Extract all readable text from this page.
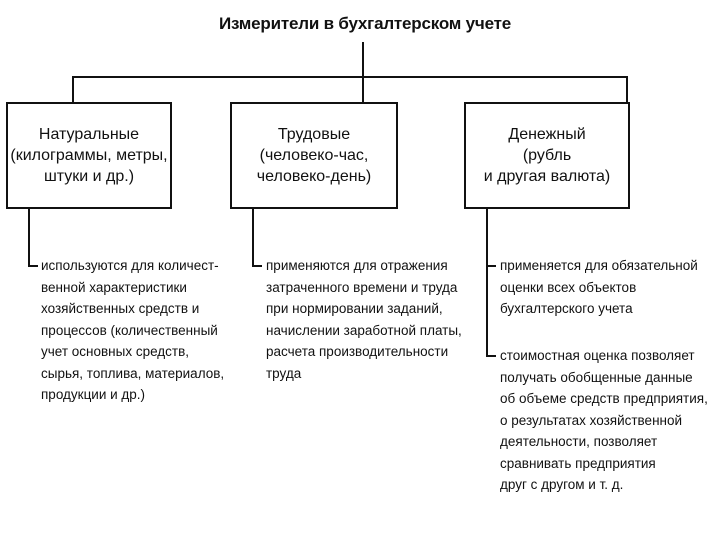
Измерители в бухгалтерском учете
Натуральные
(килограммы, метры,
штуки и др.)
Трудовые
(человеко-час,
человеко-день)
Денежный
(рубль
и другая валюта)
используются для количест-
венной характеристики
хозяйственных средств и
процессов (количественный
учет основных средств,
сырья, топлива, материалов,
продукции и др.)
применяются для отражения
затраченного времени и труда
при нормировании заданий,
начислении заработной платы,
расчета производительности
труда
применяется для обязательной
оценки всех объектов
бухгалтерского учета
стоимостная оценка позволяет
получать обобщенные данные
об объеме средств предприятия,
о результатах хозяйственной
деятельности, позволяет
сравнивать предприятия
друг с другом и т. д.
